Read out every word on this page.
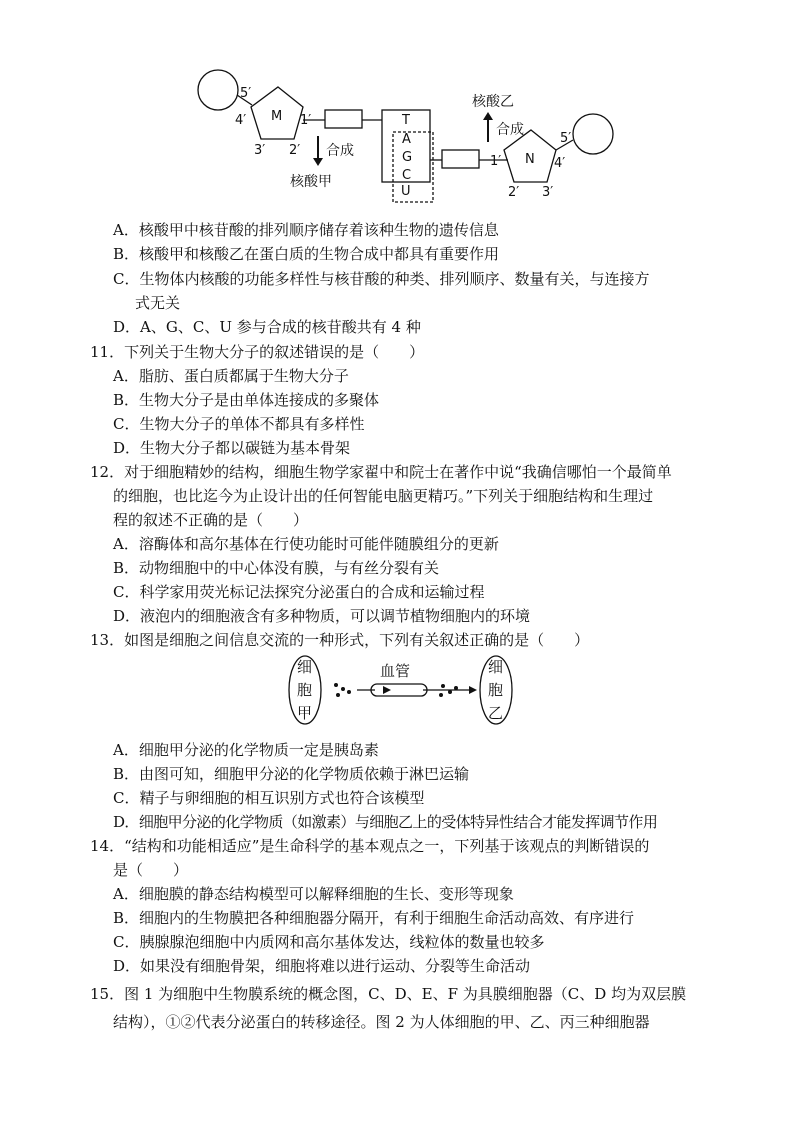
5′
4′ M 1′
3′ 2′
N
1′	4′
5′
2′ 3′
T
A
G
C
合成
核酸甲
合成
核酸乙
U
A．核酸甲中核苷酸的排列顺序储存着该种生物的遗传信息
B．核酸甲和核酸乙在蛋白质的生物合成中都具有重要作用
C．生物体内核酸的功能多样性与核苷酸的种类、排列顺序、数量有关，与连接方
式无关
D．A、G、C、U 参与合成的核苷酸共有 4 种
11．下列关于生物大分子的叙述错误的是（　　）
A．脂肪、蛋白质都属于生物大分子
B．生物大分子是由单体连接成的多聚体
C．生物大分子的单体不都具有多样性
D．生物大分子都以碳链为基本骨架
12．对于细胞精妙的结构，细胞生物学家翟中和院士在著作中说“我确信哪怕一个最简单
的细胞，也比迄今为止设计出的任何智能电脑更精巧。”下列关于细胞结构和生理过
程的叙述不正确的是（　　）
A．溶酶体和高尔基体在行使功能时可能伴随膜组分的更新
B．动物细胞中的中心体没有膜，与有丝分裂有关
C．科学家用荧光标记法探究分泌蛋白的合成和运输过程
D．液泡内的细胞液含有多种物质，可以调节植物细胞内的环境
13．如图是细胞之间信息交流的一种形式，下列有关叙述正确的是（　　）
细
胞
甲
血管	细
胞
乙
A．细胞甲分泌的化学物质一定是胰岛素
B．由图可知，细胞甲分泌的化学物质依赖于淋巴运输
C．精子与卵细胞的相互识别方式也符合该模型
D．细胞甲分泌的化学物质（如激素）与细胞乙上的受体特异性结合才能发挥调节作用
14．“结构和功能相适应”是生命科学的基本观点之一，下列基于该观点的判断错误的
是（　　）
A．细胞膜的静态结构模型可以解释细胞的生长、变形等现象
B．细胞内的生物膜把各种细胞器分隔开，有利于细胞生命活动高效、有序进行
C．胰腺腺泡细胞中内质网和高尔基体发达，线粒体的数量也较多
D．如果没有细胞骨架，细胞将难以进行运动、分裂等生命活动
15．图 1 为细胞中生物膜系统的概念图，C、D、E、F 为具膜细胞器（C、D 均为双层膜
结构），①②代表分泌蛋白的转移途径。图 2 为人体细胞的甲、乙、丙三种细胞器
